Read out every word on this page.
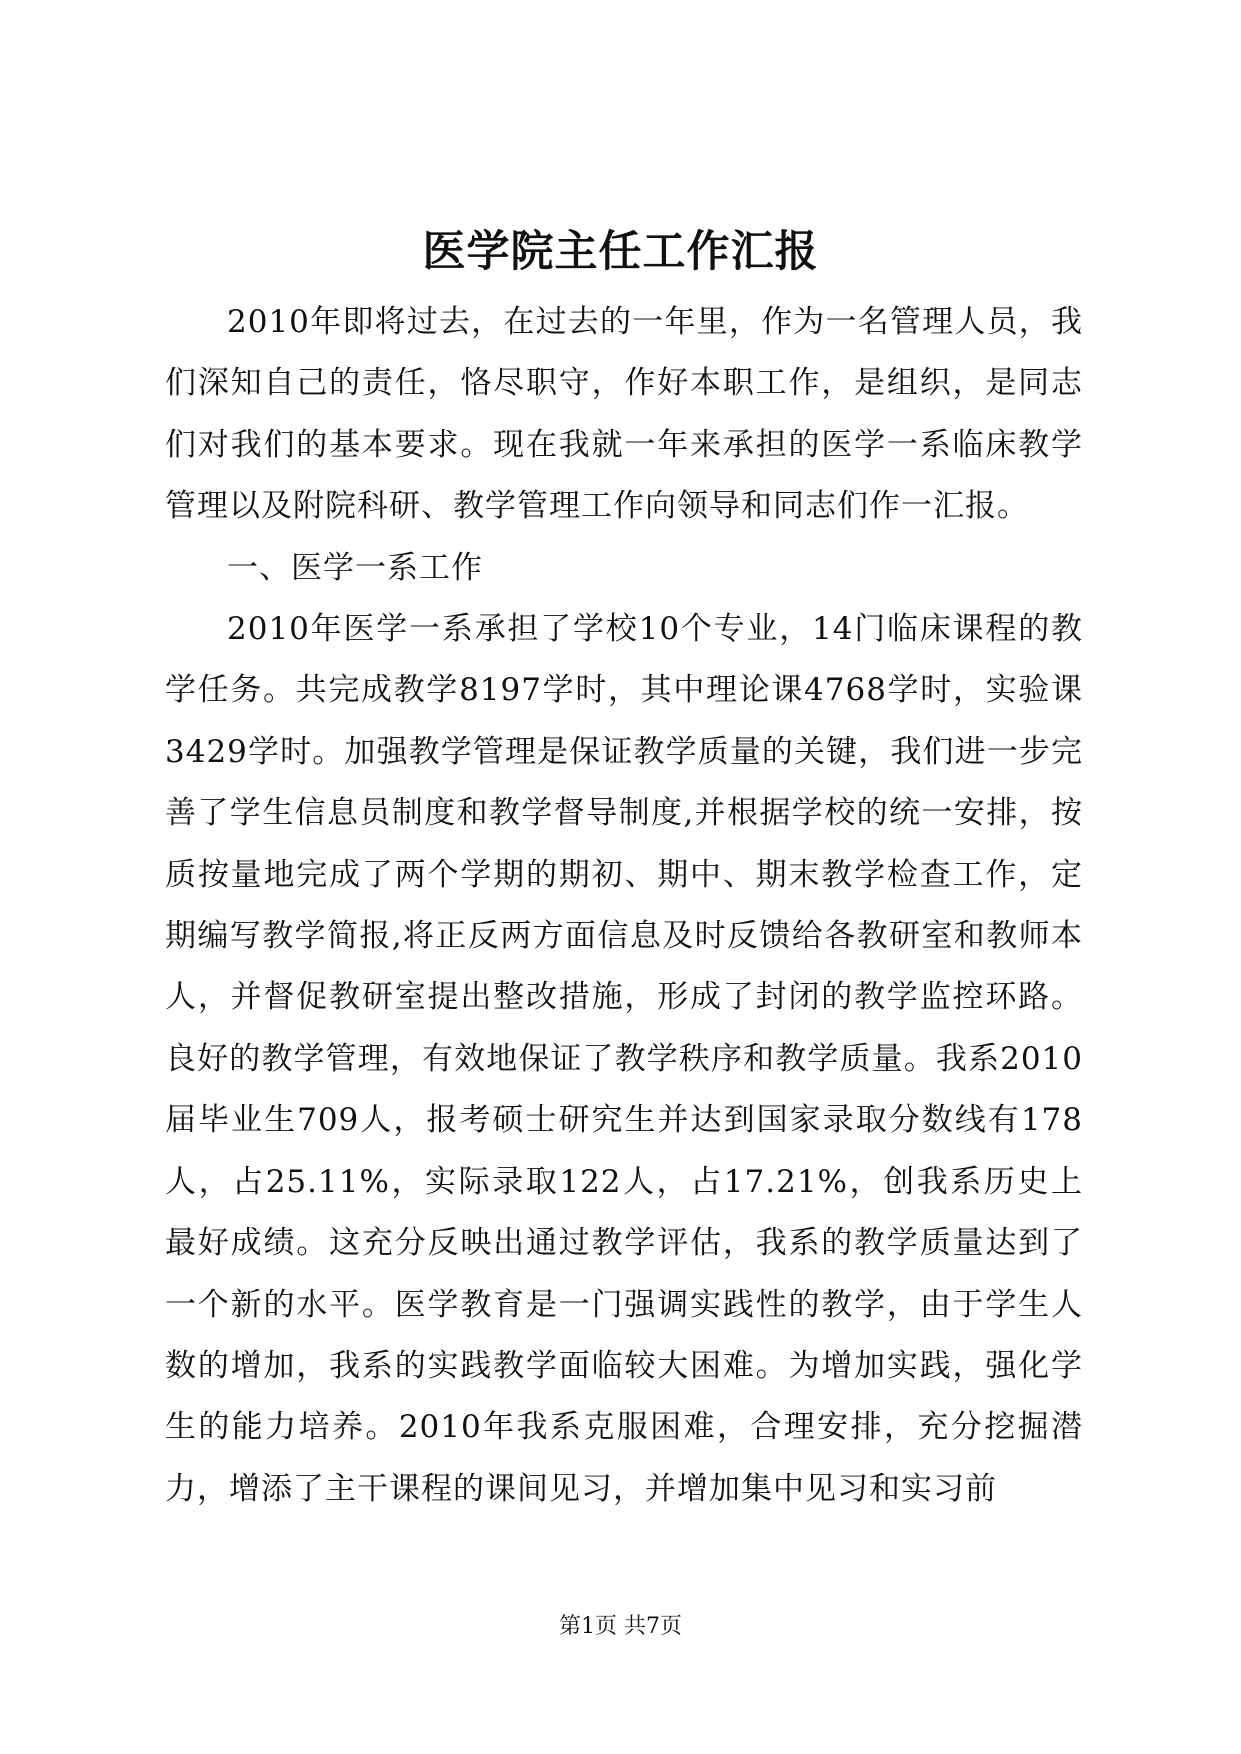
医学院主任工作汇报

2010年即将过去，在过去的一年里，作为一名管理人员，我们深知自己的责任，恪尽职守，作好本职工作，是组织，是同志们对我们的基本要求。现在我就一年来承担的医学一系临床教学管理以及附院科研、教学管理工作向领导和同志们作一汇报。

一、医学一系工作

2010年医学一系承担了学校10个专业，14门临床课程的教学任务。共完成教学8197学时，其中理论课4768学时，实验课3429学时。加强教学管理是保证教学质量的关键，我们进一步完善了学生信息员制度和教学督导制度,并根据学校的统一安排，按质按量地完成了两个学期的期初、期中、期末教学检查工作，定期编写教学简报,将正反两方面信息及时反馈给各教研室和教师本人，并督促教研室提出整改措施，形成了封闭的教学监控环路。良好的教学管理，有效地保证了教学秩序和教学质量。我系2010届毕业生709人，报考硕士研究生并达到国家录取分数线有178人，占25.11%，实际录取122人，占17.21%，创我系历史上最好成绩。这充分反映出通过教学评估，我系的教学质量达到了一个新的水平。医学教育是一门强调实践性的教学，由于学生人数的增加，我系的实践教学面临较大困难。为增加实践，强化学生的能力培养。2010年我系克服困难，合理安排，充分挖掘潜力，增添了主干课程的课间见习，并增加集中见习和实习前

第1页 共7页
